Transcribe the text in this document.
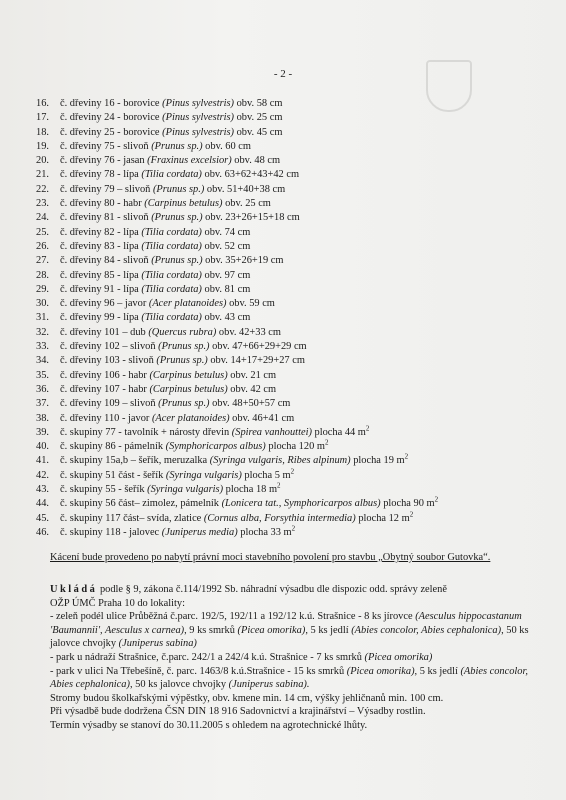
- 2 -
16. č. dřeviny 16 - borovice (Pinus sylvestris) obv. 58 cm
17. č. dřeviny 24 - borovice (Pinus sylvestris) obv. 25 cm
18. č. dřeviny 25 - borovice (Pinus sylvestris) obv. 45 cm
19. č. dřeviny 75 - slivoň (Prunus sp.) obv. 60 cm
20. č. dřeviny 76 - jasan (Fraxinus excelsior) obv. 48 cm
21. č. dřeviny 78 - lípa (Tilia cordata) obv. 63+62+43+42 cm
22. č. dřeviny 79 – slivoň (Prunus sp.) obv. 51+40+38 cm
23. č. dřeviny 80 - habr (Carpinus betulus) obv. 25 cm
24. č. dřeviny 81 - slivoň (Prunus sp.) obv. 23+26+15+18 cm
25. č. dřeviny 82 - lípa (Tilia cordata) obv. 74 cm
26. č. dřeviny 83 - lípa (Tilia cordata) obv. 52 cm
27. č. dřeviny 84 - slivoň (Prunus sp.) obv. 35+26+19 cm
28. č. dřeviny 85 - lípa (Tilia cordata) obv. 97 cm
29. č. dřeviny 91 - lípa (Tilia cordata) obv. 81 cm
30. č. dřeviny 96 – javor (Acer platanoides) obv. 59 cm
31. č. dřeviny 99 - lípa (Tilia cordata) obv. 43 cm
32. č. dřeviny 101 – dub (Quercus rubra) obv. 42+33 cm
33. č. dřeviny 102 – slivoň (Prunus sp.) obv. 47+66+29+29 cm
34. č. dřeviny 103 - slivoň (Prunus sp.) obv. 14+17+29+27 cm
35. č. dřeviny 106 - habr (Carpinus betulus) obv. 21 cm
36. č. dřeviny 107 - habr (Carpinus betulus) obv. 42 cm
37. č. dřeviny 109 – slivoň (Prunus sp.) obv. 48+50+57 cm
38. č. dřeviny 110 - javor (Acer platanoides) obv. 46+41 cm
39. č. skupiny 77 - tavolník + nárosty dřevin (Spirea vanhouttei) plocha 44 $m^2$
40. č. skupiny 86 - pámelník (Symphoricarpos albus) plocha 120 $m^2$
41. č. skupiny 15a,b – šeřík, meruzalka (Syringa vulgaris, Ribes alpinum) plocha 19 $m^2$
42. č. skupiny 51 část - šeřík (Syringa vulgaris) plocha 5 $m^2$
43. č. skupiny 55 - šeřík (Syringa vulgaris) plocha 18 $m^2$
44. č. skupiny 56 část– zimolez, pámelník (Lonicera tat., Symphoricarpos albus) plocha 90 $m^2$
45. č. skupiny 117 část– svída, zlatice (Cornus alba, Forsythia intermedia) plocha 12 $m^2$
46. č. skupiny 118 - jalovec (Juniperus media) plocha 33 $m^2$
Kácení bude provedeno po nabytí právní moci stavebního povolení pro stavbu „Obytný soubor Gutovka“.

Ukládá podle § 9, zákona č.114/1992 Sb. náhradní výsadbu dle dispozic odd. správy zeleně

OŽP ÚMČ Praha 10 do lokality:

- zeleň podél ulice Průběžná č.parc. 192/5, 192/11 a 192/12 k.ú. Strašnice - 8 ks jírovce (Aesculus hippocastanum 'Baumannii', Aesculus x carnea), 9 ks smrků (Picea omorika), 5 ks jedlí (Abies concolor, Abies cephalonica), 50 ks jalovce chvojky (Juniperus sabina)

- park u nádraží Strašnice, č.parc. 242/1 a 242/4 k.ú. Strašnice - 7 ks smrků (Picea omorika)

- park v ulici Na Třebešíně, č. parc. 1463/8 k.ú.Strašnice - 15 ks smrků (Picea omorika), 5 ks jedlí (Abies concolor, Abies cephalonica), 50 ks jalovce chvojky (Juniperus sabina).

Stromy budou školkařskými výpěstky, obv. kmene min. 14 cm, výšky jehličnanů min. 100 cm.

Při výsadbě bude dodržena ČSN DIN 18 916 Sadovnictví a krajinářství – Výsadby rostlin.

Termín výsadby se stanoví do 30.11.2005 s ohledem na agrotechnické lhůty.
